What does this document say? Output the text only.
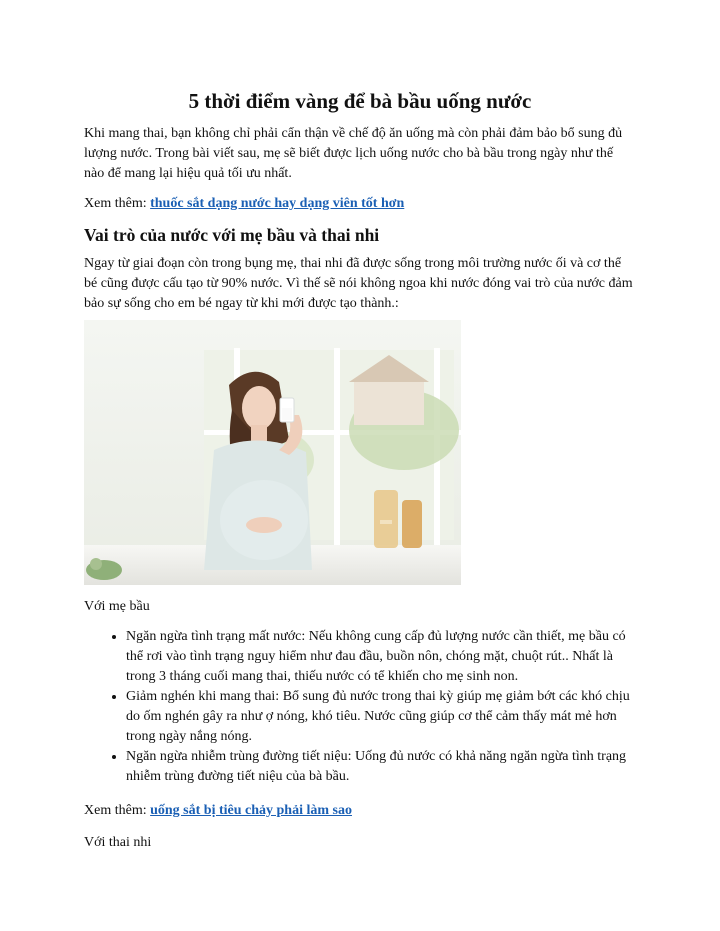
5 thời điểm vàng để bà bầu uống nước

Khi mang thai, bạn không chỉ phải cẩn thận về chế độ ăn uống mà còn phải đảm bảo bổ sung đủ lượng nước. Trong bài viết sau, mẹ sẽ biết được lịch uống nước cho bà bầu trong ngày như thế nào để mang lại hiệu quả tối ưu nhất.

Xem thêm: thuốc sắt dạng nước hay dạng viên tốt hơn

Vai trò của nước với mẹ bầu và thai nhi

Ngay từ giai đoạn còn trong bụng mẹ, thai nhi đã được sống trong môi trường nước ối và cơ thể bé cũng được cấu tạo từ 90% nước. Vì thế sẽ nói không ngoa khi nước đóng vai trò của nước đảm bảo sự sống cho em bé ngay từ khi mới được tạo thành.:

Với mẹ bầu

• Ngăn ngừa tình trạng mất nước: Nếu không cung cấp đủ lượng nước cần thiết, mẹ bầu có thể rơi vào tình trạng nguy hiểm như đau đầu, buồn nôn, chóng mặt, chuột rút.. Nhất là trong 3 tháng cuối mang thai, thiếu nước có tể khiến cho mẹ sinh non.
• Giảm nghén khi mang thai: Bổ sung đủ nước trong thai kỳ giúp mẹ giảm bớt các khó chịu do ốm nghén gây ra như ợ nóng, khó tiêu. Nước cũng giúp cơ thể cảm thấy mát mẻ hơn trong ngày nắng nóng.
• Ngăn ngừa nhiễm trùng đường tiết niệu: Uống đủ nước có khả năng ngăn ngừa tình trạng nhiễm trùng đường tiết niệu của bà bầu.

Xem thêm: uống sắt bị tiêu chảy phải làm sao

Với thai nhi
